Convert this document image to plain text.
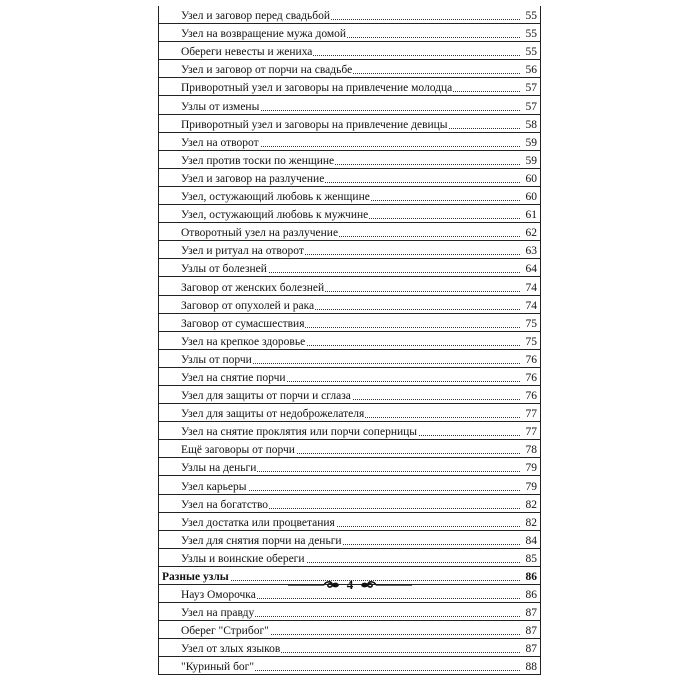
Узел и заговор перед свадьбой	55
Узел на возвращение мужа домой	55
Обереги невесты и жениха	55
Узел и заговор от порчи на свадьбе	56
Приворотный узел и заговоры на привлечение молодца	57
Узлы от измены	57
Приворотный узел и заговоры на привлечение девицы	58
Узел на отворот	59
Узел против тоски по женщине	59
Узел и заговор на разлучение	60
Узел, остужающий любовь к женщине	60
Узел, остужающий любовь к мужчине	61
Отворотный узел на разлучение	62
Узел и ритуал на отворот	63
Узлы от болезней	64
Заговор от женских болезней	74
Заговор от опухолей и рака	74
Заговор от сумасшествия	75
Узел на крепкое здоровье	75
Узлы от порчи	76
Узел на снятие порчи	76
Узел для защиты от порчи и сглаза	76
Узел для защиты от недоброжелателя	77
Узел на снятие проклятия или порчи соперницы	77
Ещё заговоры от порчи	78
Узлы на деньги	79
Узел карьеры	79
Узел на богатство	82
Узел достатка или процветания	82
Узел для снятия порчи на деньги	84
Узлы и воинские обереги	85
Разные узлы	86
Науз Оморочка	86
Узел на правду	87
Оберег "Стрибог"	87
Узел от злых языков	87
"Куриный бог"	88
4
